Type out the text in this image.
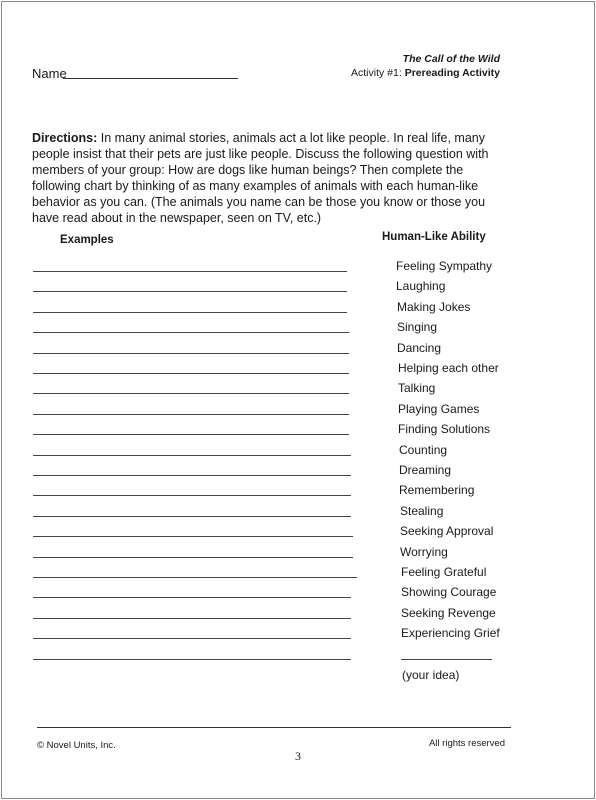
Name
The Call of the Wild
Activity #1: Prereading Activity
Directions: In many animal stories, animals act a lot like people. In real life, many people insist that their pets are just like people. Discuss the following question with members of your group: How are dogs like human beings? Then complete the following chart by thinking of as many examples of animals with each human-like behavior as you can. (The animals you name can be those you know or those you have read about in the newspaper, seen on TV, etc.)
Examples	Human-Like Ability
Feeling Sympathy
Laughing
Making Jokes
Singing
Dancing
Helping each other
Talking
Playing Games
Finding Solutions
Counting
Dreaming
Remembering
Stealing
Seeking Approval
Worrying
Feeling Grateful
Showing Courage
Seeking Revenge
Experiencing Grief
(your idea)
© Novel Units, Inc.	All rights reserved
3
